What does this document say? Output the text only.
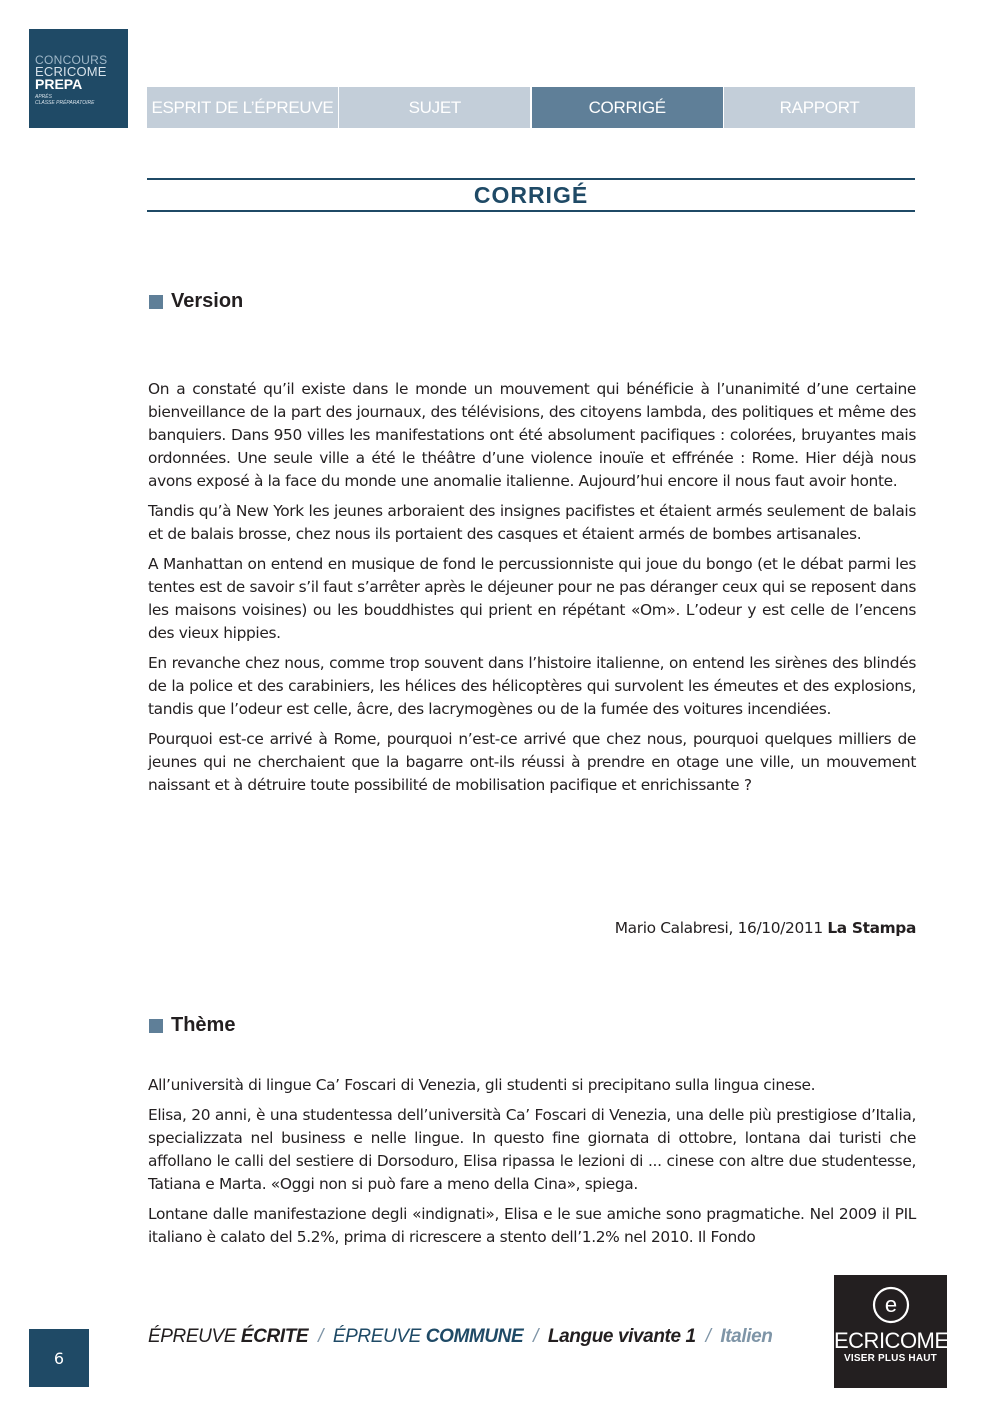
CONCOURS
ECRICOME
PREPA
APRÈS
CLASSE PRÉPARATOIRE	ESPRIT DE L’ÉPREUVE	SUJET	CORRIGÉ	RAPPORT
CORRIGÉ
Version

On a constaté qu’il existe dans le monde un mouvement qui bénéficie à l’unanimité d’une certaine bienveillance de la part des journaux, des télévisions, des citoyens lambda, des politiques et même des banquiers. Dans 950 villes les manifestations ont été absolument pacifiques : colorées, bruyantes mais ordonnées. Une seule ville a été le théâtre d’une violence inouïe et effrénée : Rome. Hier déjà nous avons exposé à la face du monde une anomalie italienne. Aujourd’hui encore il nous faut avoir honte.

Tandis qu’à New York les jeunes arboraient des insignes pacifistes et étaient armés seulement de balais et de balais brosse, chez nous ils portaient des casques et étaient armés de bombes artisanales.

A Manhattan on entend en musique de fond le percussionniste qui joue du bongo (et le débat parmi les tentes est de savoir s’il faut s’arrêter après le déjeuner pour ne pas déranger ceux qui se reposent dans les maisons voisines) ou les bouddhistes qui prient en répétant «Om». L’odeur y est celle de l’encens des vieux hippies.

En revanche chez nous, comme trop souvent dans l’histoire italienne, on entend les sirènes des blindés de la police et des carabiniers, les hélices des hélicoptères qui survolent les émeutes et des explosions, tandis que l’odeur est celle, âcre, des lacrymogènes ou de la fumée des voitures incendiées.

Pourquoi est-ce arrivé à Rome, pourquoi n’est-ce arrivé que chez nous, pourquoi quelques milliers de jeunes qui ne cherchaient que la bagarre ont-ils réussi à prendre en otage une ville, un mouvement naissant et à détruire toute possibilité de mobilisation pacifique et enrichissante ?

Mario Calabresi, 16/10/2011 La Stampa
Thème

All’università di lingue Ca’ Foscari di Venezia, gli studenti si precipitano sulla lingua cinese.

Elisa, 20 anni, è una studentessa dell’università Ca’ Foscari di Venezia, una delle più prestigiose d’Italia, specializzata nel business e nelle lingue. In questo fine giornata di ottobre, lontana dai turisti che affollano le calli del sestiere di Dorsoduro, Elisa ripassa le lezioni di ... cinese con altre due studentesse, Tatiana e Marta. «Oggi non si può fare a meno della Cina», spiega.

Lontane dalle manifestazione degli «indignati», Elisa e le sue amiche sono pragmatiche. Nel 2009 il PIL italiano è calato del 5.2%, prima di ricrescere a stento dell’1.2% nel 2010. Il Fondo

6
ÉPREUVE ÉCRITE / ÉPREUVE COMMUNE / Langue vivante 1 / Italien
e
ECRICOME
VISER PLUS HAUT
